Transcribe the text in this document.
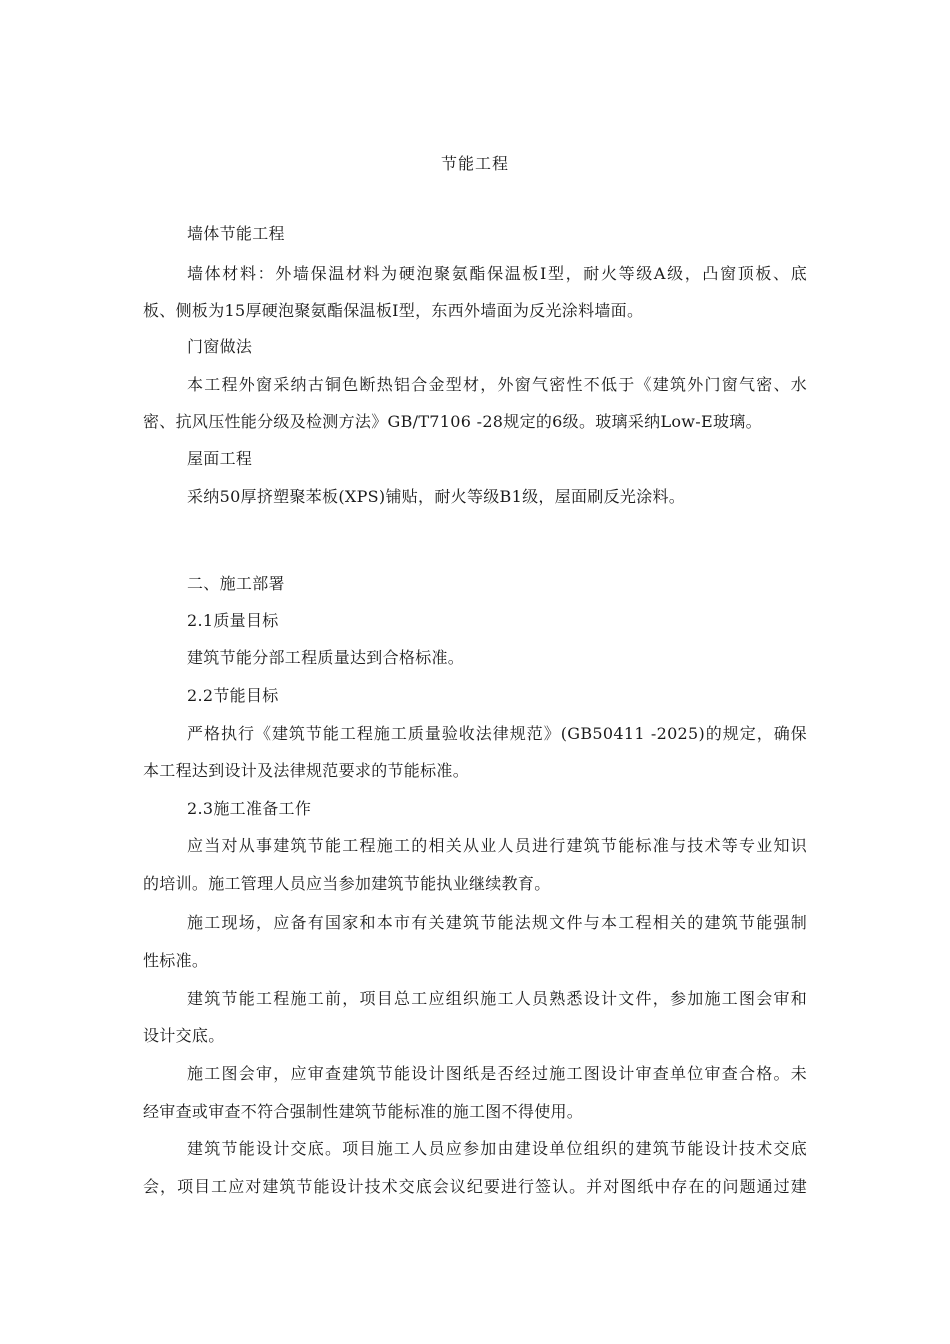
节能工程
墙体节能工程
墙体材料：外墙保温材料为硬泡聚氨酯保温板Ⅰ型，耐火等级A级，凸窗顶板、底
板、侧板为15厚硬泡聚氨酯保温板Ⅰ型，东西外墙面为反光涂料墙面。
门窗做法
本工程外窗采纳古铜色断热铝合金型材，外窗气密性不低于《建筑外门窗气密、水
密、抗风压性能分级及检测方法》GB/T7106 -28规定的6级。玻璃采纳Low-E玻璃。
屋面工程
采纳50厚挤塑聚苯板(XPS)铺贴，耐火等级B1级，屋面刷反光涂料。
二、施工部署
2.1质量目标
建筑节能分部工程质量达到合格标准。
2.2节能目标
严格执行《建筑节能工程施工质量验收法律规范》(GB50411 -2025)的规定，确保
本工程达到设计及法律规范要求的节能标准。
2.3施工准备工作
应当对从事建筑节能工程施工的相关从业人员进行建筑节能标准与技术等专业知识
的培训。施工管理人员应当参加建筑节能执业继续教育。
施工现场，应备有国家和本市有关建筑节能法规文件与本工程相关的建筑节能强制
性标准。
建筑节能工程施工前，项目总工应组织施工人员熟悉设计文件，参加施工图会审和
设计交底。
施工图会审，应审查建筑节能设计图纸是否经过施工图设计审查单位审查合格。未
经审查或审查不符合强制性建筑节能标准的施工图不得使用。
建筑节能设计交底。项目施工人员应参加由建设单位组织的建筑节能设计技术交底
会，项目工应对建筑节能设计技术交底会议纪要进行签认。并对图纸中存在的问题通过建
